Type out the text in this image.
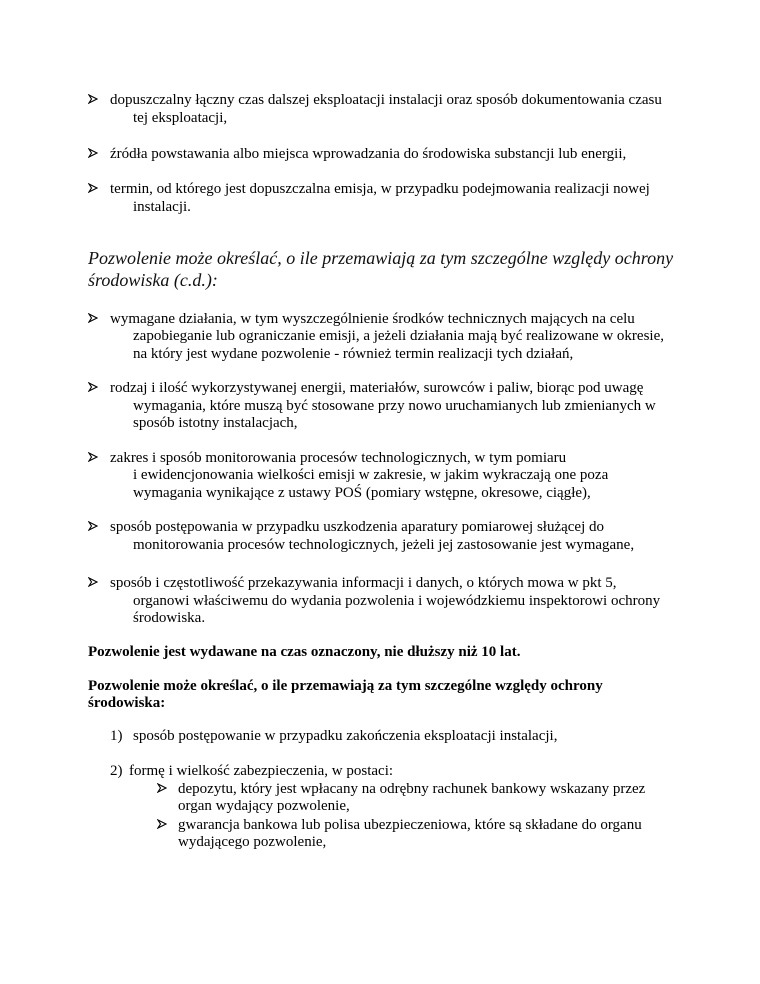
dopuszczalny łączny czas dalszej eksploatacji instalacji oraz sposób dokumentowania czasu
tej eksploatacji,
źródła powstawania albo miejsca wprowadzania do środowiska substancji lub energii,
termin, od którego jest dopuszczalna emisja, w przypadku podejmowania realizacji nowej
instalacji.
Pozwolenie może określać, o ile przemawiają za tym szczególne względy ochrony
środowiska (c.d.):
wymagane działania, w tym wyszczególnienie środków technicznych mających na celu
zapobieganie lub ograniczanie emisji, a jeżeli działania mają być realizowane w okresie,
na który jest wydane pozwolenie - również termin realizacji tych działań,
rodzaj i ilość wykorzystywanej energii, materiałów, surowców i paliw, biorąc pod uwagę
wymagania, które muszą być stosowane przy nowo uruchamianych lub zmienianych w
sposób istotny instalacjach,
zakres i sposób monitorowania procesów technologicznych, w tym pomiaru
i ewidencjonowania wielkości emisji w zakresie, w jakim wykraczają one poza
wymagania wynikające z ustawy POŚ (pomiary wstępne, okresowe, ciągłe),
sposób postępowania w przypadku uszkodzenia aparatury pomiarowej służącej do
monitorowania procesów technologicznych, jeżeli jej zastosowanie jest wymagane,
sposób i częstotliwość przekazywania informacji i danych, o których mowa w pkt 5,
organowi właściwemu do wydania pozwolenia i wojewódzkiemu inspektorowi ochrony
środowiska.
Pozwolenie jest wydawane na czas oznaczony, nie dłuższy niż 10 lat.
Pozwolenie może określać, o ile przemawiają za tym szczególne względy ochrony
środowiska:
1) sposób postępowanie w przypadku zakończenia eksploatacji instalacji,
2) formę i wielkość zabezpieczenia, w postaci:
depozytu, który jest wpłacany na odrębny rachunek bankowy wskazany przez
organ wydający pozwolenie,
gwarancja bankowa lub polisa ubezpieczeniowa, które są składane do organu
wydającego pozwolenie,
